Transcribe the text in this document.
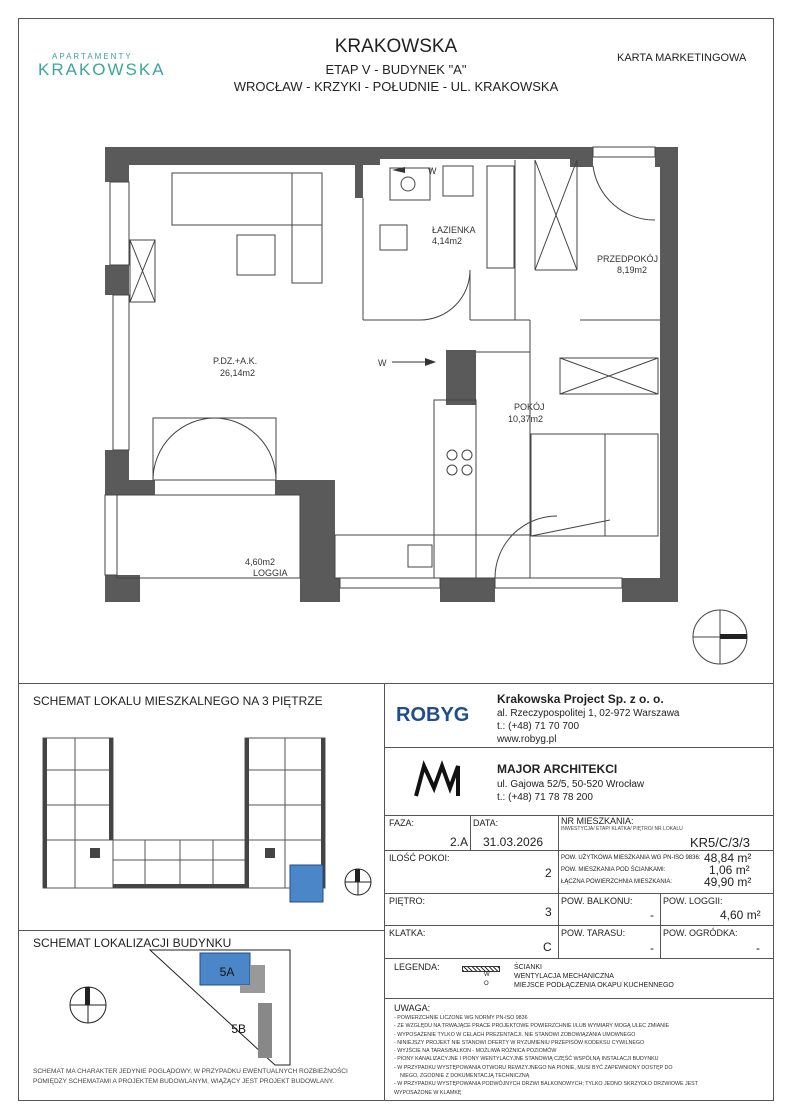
APARTAMENTY
KRAKOWSKA
KRAKOWSKA
ETAP V - BUDYNEK "A"
WROCŁAW - KRZYKI - POŁUDNIE - UL. KRAKOWSKA
KARTA MARKETINGOWA
ŁAZIENKA
4,14m2
PRZEDPOKÓJ
8,19m2
P.DZ.+A.K.
26,14m2
POKÓJ
10,37m2
4,60m2
LOGGIA
W
W
SCHEMAT LOKALU MIESZKALNEGO NA 3 PIĘTRZE
SCHEMAT LOKALIZACJI BUDYNKU
5A
5B
SCHEMAT MA CHARAKTER JEDYNIE POGLĄDOWY, W PRZYPADKU EWENTUALNYCH ROZBIEŻNOŚCI
POMIĘDZY SCHEMATAMI A PROJEKTEM BUDOWLANYM, WIĄŻĄCY JEST PROJEKT BUDOWLANY.
ROBYG
Krakowska Project Sp. z o. o.
al. Rzeczypospolitej 1, 02-972 Warszawa
t.: (+48) 71 70 700
www.robyg.pl
MAJOR ARCHITEKCI
ul. Gajowa 52/5, 50-520 Wrocław
t.: (+48) 71 78 78 200
FAZA:
2.A
DATA:
31.03.2026
NR MIESZKANIA:
INWESTYCJA/ ETAP/ KLATKA/ PIĘTRO/ NR LOKALU
KR5/C/3/3
ILOŚĆ POKOI:
2
POW. UŻYTKOWA MIESZKANIA WG PN-ISO 9836: 48,84 m²
POW. MIESZKANIA POD ŚCIANKAMI:	1,06 m²
ŁĄCZNA POWIERZCHNIA MIESZKANIA:	49,90 m²
PIĘTRO:
3
POW. BALKONU:
-
POW. LOGGII:
4,60 m²
KLATKA:
C
POW. TARASU:
-
POW. OGRÓDKA:
-
LEGENDA:
W
O
ŚCIANKI
WENTYLACJA MECHANICZNA
MIEJSCE PODŁĄCZENIA OKAPU KUCHENNEGO
UWAGA:
- POWIERZCHNIE LICZONE WG NORMY PN-ISO 9836
- ZE WZGLĘDU NA TRWAJĄCE PRACE PROJEKTOWE POWIERZCHNIE I/LUB WYMIARY MOGĄ ULEC ZMIANIE
- WYPOSAŻENIE TYLKO W CELACH PREZENTACJI. NIE STANOWI ZOBOWIĄZANIA UMOWNEGO
- NINIEJSZY PROJEKT NIE STANOWI OFERTY W RYZUMIENIU PRZEPISÓW KODEKSU CYWILNEGO
- WYJŚCIE NA TARAS/BALKON - MOŻLIWA RÓŻNICA POZIOMÓW
- PIONY KANALIZACYJNE I PIONY WENTYLACYJNE STANOWIĄ CZĘŚĆ WSPÓLNĄ INSTALACJI BUDYNKU
- W PRZYPADKU WYSTĘPOWANIA OTWORU REWIZYJNEGO NA PIONIE, MUSI BYĆ ZAPEWNIONY DOSTĘP DO
NIEGO, ZGODNIE Z DOKUMENTACJĄ TECHNICZNĄ
- W PRZYPADKU WYSTĘPOWANIA PODWÓJNYCH DRZWI BALKONOWYCH; TYLKO JEDNO SKRZYDŁO DRZWIOWE JEST
WYPOSAŻONE W KLAMKĘ
